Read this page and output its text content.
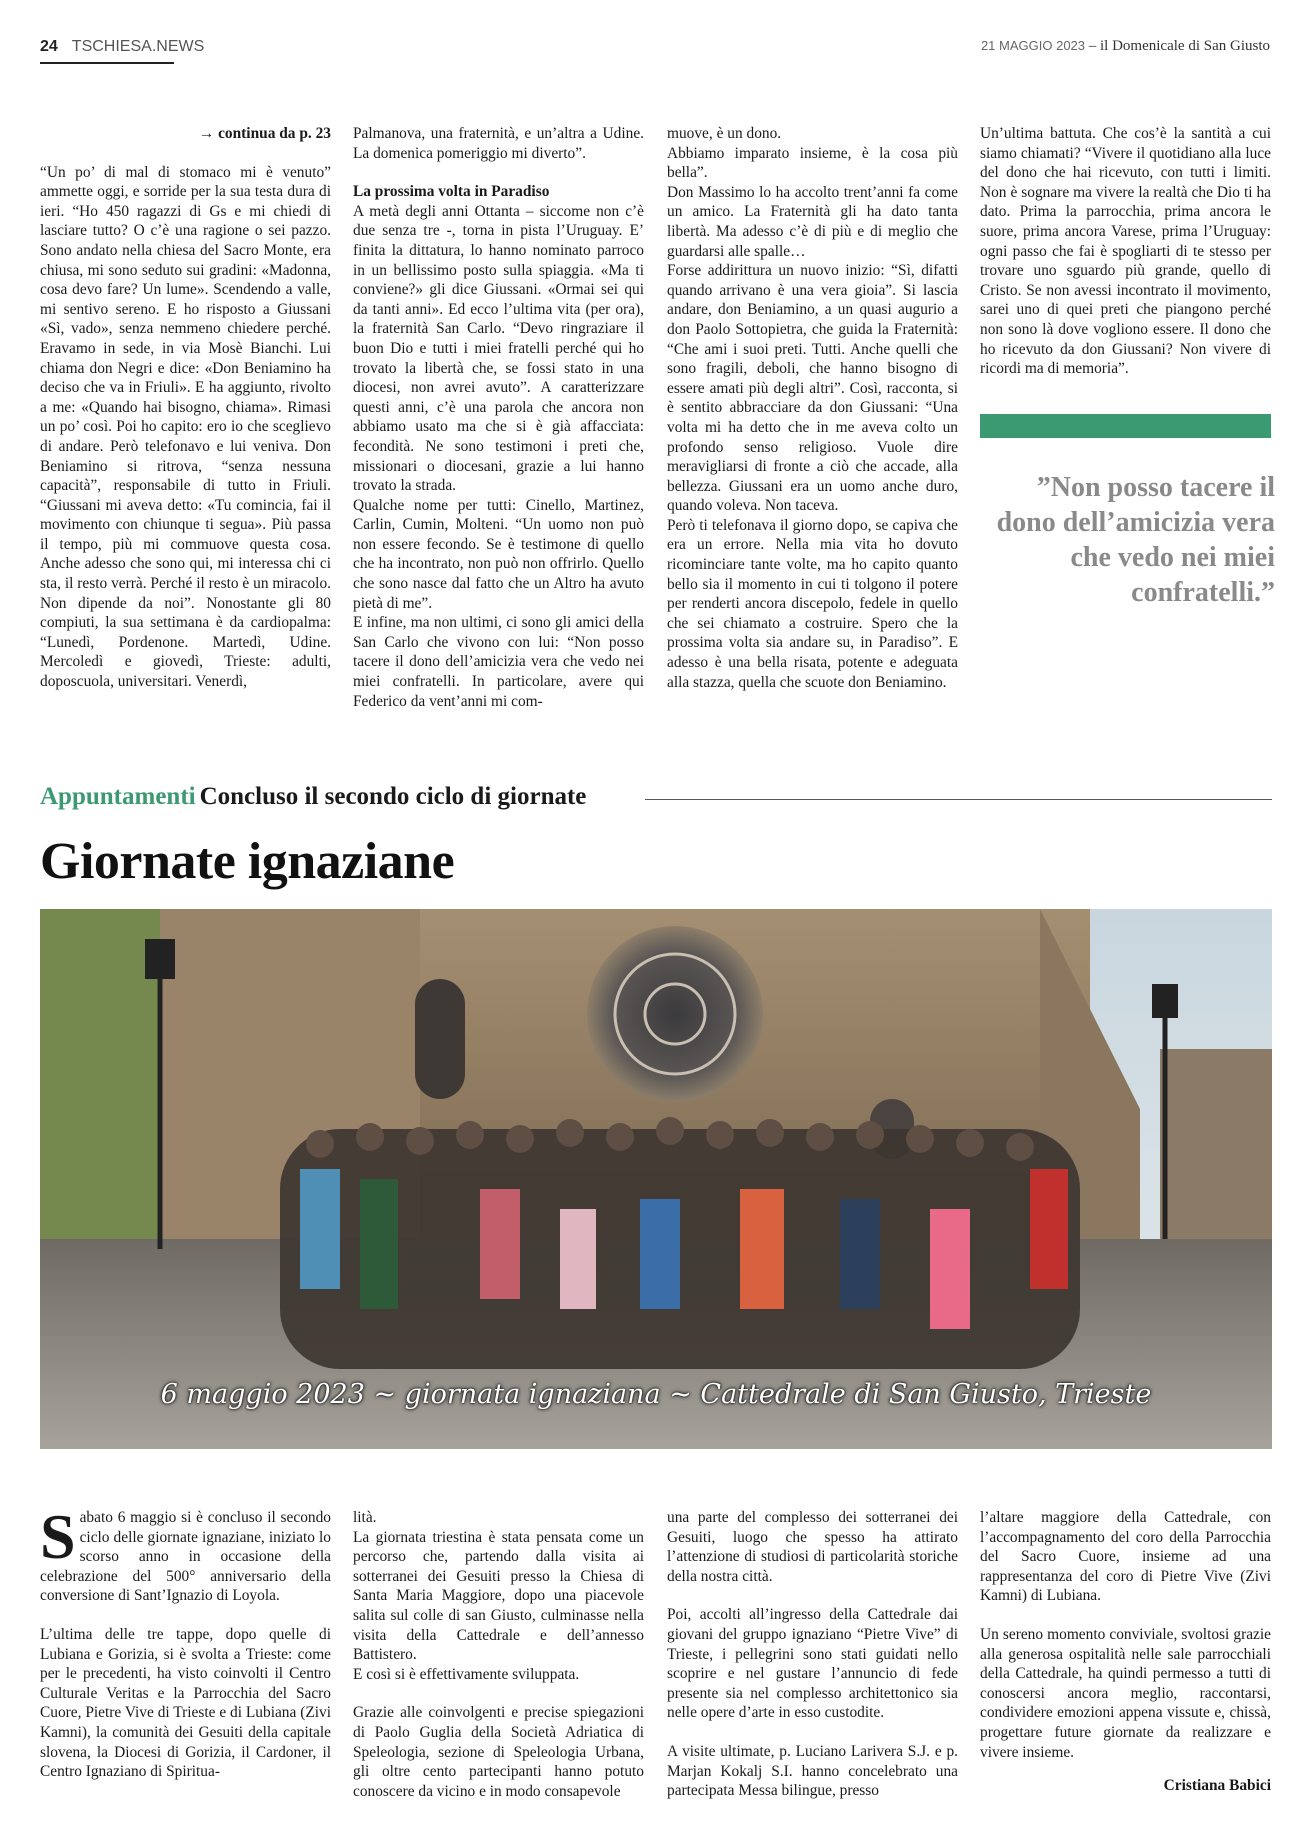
24 TSCHIESA.NEWS	21 MAGGIO 2023 – il Domenicale di San Giusto

→ continua da p. 23

“Un po’ di mal di stomaco mi è venuto” ammette oggi, e sorride per la sua testa dura di ieri. “Ho 450 ragazzi di Gs e mi chiedi di lasciare tutto? O c’è una ragione o sei pazzo. Sono andato nella chiesa del Sacro Monte, era chiusa, mi sono seduto sui gradini: «Madonna, cosa devo fare? Un lume». Scendendo a valle, mi sentivo sereno. E ho risposto a Giussani «Sì, vado», senza nemmeno chiedere perché. Eravamo in sede, in via Mosè Bianchi. Lui chiama don Negri e dice: «Don Beniamino ha deciso che va in Friuli». E ha aggiunto, rivolto a me: «Quando hai bisogno, chiama». Rimasi un po’ così. Poi ho capito: ero io che sceglievo di andare. Però telefonavo e lui veniva. Don Beniamino si ritrova, “senza nessuna capacità”, responsabile di tutto in Friuli. “Giussani mi aveva detto: «Tu comincia, fai il movimento con chiunque ti segua». Più passa il tempo, più mi commuove questa cosa. Anche adesso che sono qui, mi interessa chi ci sta, il resto verrà. Perché il resto è un miracolo. Non dipende da noi”. Nonostante gli 80 compiuti, la sua settimana è da cardiopalma: “Lunedì, Pordenone. Martedì, Udine. Mercoledì e giovedì, Trieste: adulti, doposcuola, universitari. Venerdì,

Palmanova, una fraternità, e un’altra a Udine. La domenica pomeriggio mi diverto”.

La prossima volta in Paradiso

A metà degli anni Ottanta – siccome non c’è due senza tre -, torna in pista l’Uruguay. E’ finita la dittatura, lo hanno nominato parroco in un bellissimo posto sulla spiaggia. «Ma ti conviene?» gli dice Giussani. «Ormai sei qui da tanti anni». Ed ecco l’ultima vita (per ora), la fraternità San Carlo. “Devo ringraziare il buon Dio e tutti i miei fratelli perché qui ho trovato la libertà che, se fossi stato in una diocesi, non avrei avuto”. A caratterizzare questi anni, c’è una parola che ancora non abbiamo usato ma che si è già affacciata: fecondità. Ne sono testimoni i preti che, missionari o diocesani, grazie a lui hanno trovato la strada.

Qualche nome per tutti: Cinello, Martinez, Carlin, Cumin, Molteni. “Un uomo non può non essere fecondo. Se è testimone di quello che ha incontrato, non può non offrirlo. Quello che sono nasce dal fatto che un Altro ha avuto pietà di me”.

E infine, ma non ultimi, ci sono gli amici della San Carlo che vivono con lui: “Non posso tacere il dono dell’amicizia vera che vedo nei miei confratelli. In particolare, avere qui Federico da vent’anni mi com-

muove, è un dono.

Abbiamo imparato insieme, è la cosa più bella”.

Don Massimo lo ha accolto trent’anni fa come un amico. La Fraternità gli ha dato tanta libertà. Ma adesso c’è di più e di meglio che guardarsi alle spalle…

Forse addirittura un nuovo inizio: “Sì, difatti quando arrivano è una vera gioia”. Si lascia andare, don Beniamino, a un quasi augurio a don Paolo Sottopietra, che guida la Fraternità: “Che ami i suoi preti. Tutti. Anche quelli che sono fragili, deboli, che hanno bisogno di essere amati più degli altri”. Così, racconta, si è sentito abbracciare da don Giussani: “Una volta mi ha detto che in me aveva colto un profondo senso religioso. Vuole dire meravigliarsi di fronte a ciò che accade, alla bellezza. Giussani era un uomo anche duro, quando voleva. Non taceva.

Però ti telefonava il giorno dopo, se capiva che era un errore. Nella mia vita ho dovuto ricominciare tante volte, ma ho capito quanto bello sia il momento in cui ti tolgono il potere per renderti ancora discepolo, fedele in quello che sei chiamato a costruire. Spero che la prossima volta sia andare su, in Paradiso”. E adesso è una bella risata, potente e adeguata alla stazza, quella che scuote don Beniamino.

Un’ultima battuta. Che cos’è la santità a cui siamo chiamati? “Vivere il quotidiano alla luce del dono che hai ricevuto, con tutti i limiti. Non è sognare ma vivere la realtà che Dio ti ha dato. Prima la parrocchia, prima ancora le suore, prima ancora Varese, prima l’Uruguay: ogni passo che fai è spogliarti di te stesso per trovare uno sguardo più grande, quello di Cristo. Se non avessi incontrato il movimento, sarei uno di quei preti che piangono perché non sono là dove vogliono essere. Il dono che ho ricevuto da don Giussani? Non vivere di ricordi ma di memoria”.

”Non posso tacere il dono dell’amicizia vera che vedo nei miei confratelli.”
Appuntamenti Concluso il secondo ciclo di giornate
Giornate ignaziane
6 maggio 2023 ~ giornata ignaziana ~ Cattedrale di San Giusto, Trieste

Sabato 6 maggio si è concluso il secondo ciclo delle giornate ignaziane, iniziato lo scorso anno in occasione della celebrazione del 500° anniversario della conversione di Sant’Ignazio di Loyola.

L’ultima delle tre tappe, dopo quelle di Lubiana e Gorizia, si è svolta a Trieste: come per le precedenti, ha visto coinvolti il Centro Culturale Veritas e la Parrocchia del Sacro Cuore, Pietre Vive di Trieste e di Lubiana (Zivi Kamni), la comunità dei Gesuiti della capitale slovena, la Diocesi di Gorizia, il Cardoner, il Centro Ignaziano di Spiritua-

lità.

La giornata triestina è stata pensata come un percorso che, partendo dalla visita ai sotterranei dei Gesuiti presso la Chiesa di Santa Maria Maggiore, dopo una piacevole salita sul colle di san Giusto, culminasse nella visita della Cattedrale e dell’annesso Battistero.

E così si è effettivamente sviluppata.

Grazie alle coinvolgenti e precise spiegazioni di Paolo Guglia della Società Adriatica di Speleologia, sezione di Speleologia Urbana, gli oltre cento partecipanti hanno potuto conoscere da vicino e in modo consapevole

una parte del complesso dei sotterranei dei Gesuiti, luogo che spesso ha attirato l’attenzione di studiosi di particolarità storiche della nostra città.

Poi, accolti all’ingresso della Cattedrale dai giovani del gruppo ignaziano “Pietre Vive” di Trieste, i pellegrini sono stati guidati nello scoprire e nel gustare l’annuncio di fede presente sia nel complesso architettonico sia nelle opere d’arte in esso custodite.

A visite ultimate, p. Luciano Larivera S.J. e p. Marjan Kokalj S.I. hanno concelebrato una partecipata Messa bilingue, presso

l’altare maggiore della Cattedrale, con l’accompagnamento del coro della Parrocchia del Sacro Cuore, insieme ad una rappresentanza del coro di Pietre Vive (Zivi Kamni) di Lubiana.

Un sereno momento conviviale, svoltosi grazie alla generosa ospitalità nelle sale parrocchiali della Cattedrale, ha quindi permesso a tutti di conoscersi ancora meglio, raccontarsi, condividere emozioni appena vissute e, chissà, progettare future giornate da realizzare e vivere insieme.

Cristiana Babici
